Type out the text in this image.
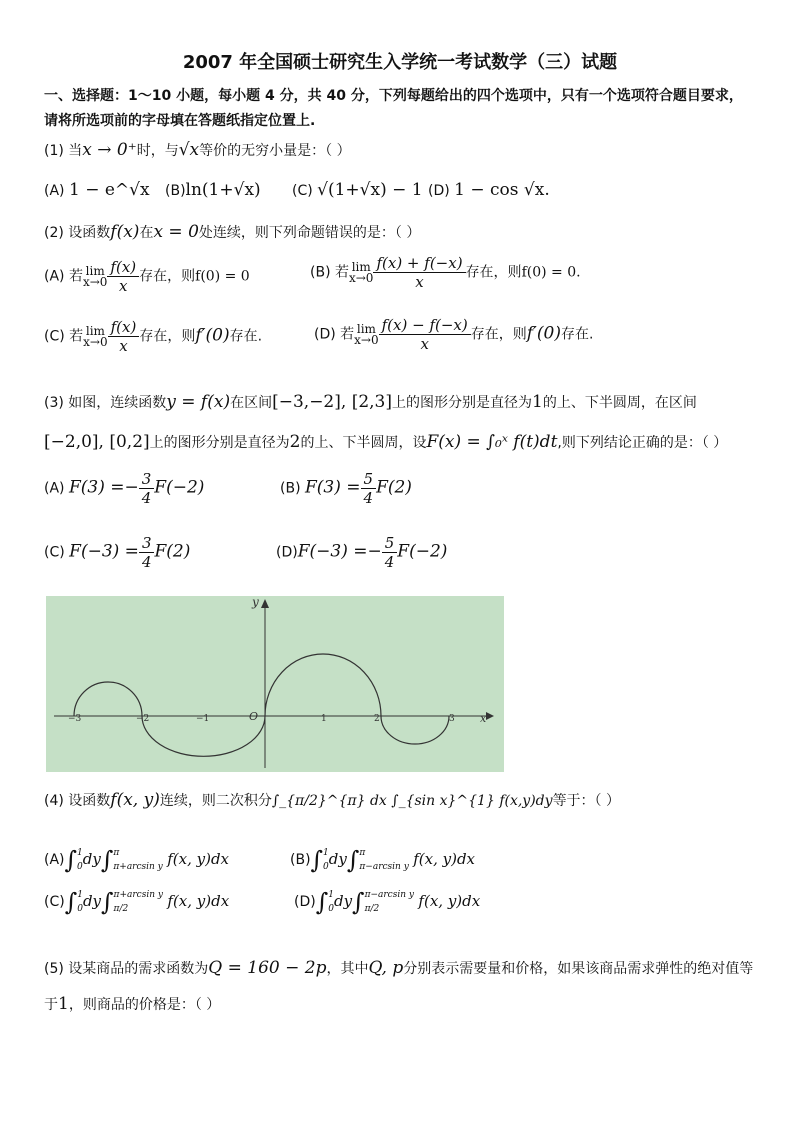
2007 年全国硕士研究生入学统一考试数学（三）试题
一、选择题：1～10 小题，每小题 4 分，共 40 分，下列每题给出的四个选项中，只有一个选项符合题目要求，
请将所选项前的字母填在答题纸指定位置上.
(1) 当x → 0⁺时，与√x等价的无穷小量是：（ ）
(A) 1 − e^√x (B)ln(1+√x) (C) √(1+√x) − 1 (D) 1 − cos √x.
(2) 设函数f(x)在x = 0处连续，则下列命题错误的是：（ ）
(A) 若 lim
$x\to 0 \frac{f(x)}{x}$ 存在，则f(0) = 0	(B) 若 lim
$x\to 0 \frac{f(x) + f(-x)}{x}$ 存在，则f(0) = 0.
(C) 若 lim
$x\to 0 \frac{f(x)}{x}$ 存在，则f′(0)存在.	(D) 若 lim
$x\to 0 \frac{f(x) - f(-x)}{x}$ 存在，则f′(0)存在.
(3) 如图，连续函数y = f(x)在区间[−3,−2], [2,3]上的图形分别是直径为1的上、下半圆周，在区间
[−2,0], [0,2]上的图形分别是直径为2的上、下半圆周，设F(x) = ∫₀ˣ f(t)dt,则下列结论正确的是：（ ）
(A) $F(3) =- \frac{3}{4} F(-2)$	(B) $F(3) = \frac{5}{4} F(2)$
(C) $F(-3) = \frac{3}{4} F(2)$	$(D)F(-3) =- \frac{5}{4} F(-2)$
y
x
O
−3	−2	−1	1	2	3
(4) 设函数f(x, y)连续，则二次积分∫_{π/2}^{π} dx ∫_{sin x}^{1} f(x,y)dy等于：（ ）
(A)∫1
0dy∫π
π+arcsin y f(x, y)dx	(B)∫1
0dy∫π
π−arcsin y f(x, y)dx
(C)∫1
0dy∫π+arcsin y
π/2	f(x, y)dx	(D)∫1
0dy∫π−arcsin y
π/2	f(x, y)dx
(5) 设某商品的需求函数为Q = 160 − 2p，其中Q, p分别表示需要量和价格，如果该商品需求弹性的绝对值等
于1，则商品的价格是：（ ）
